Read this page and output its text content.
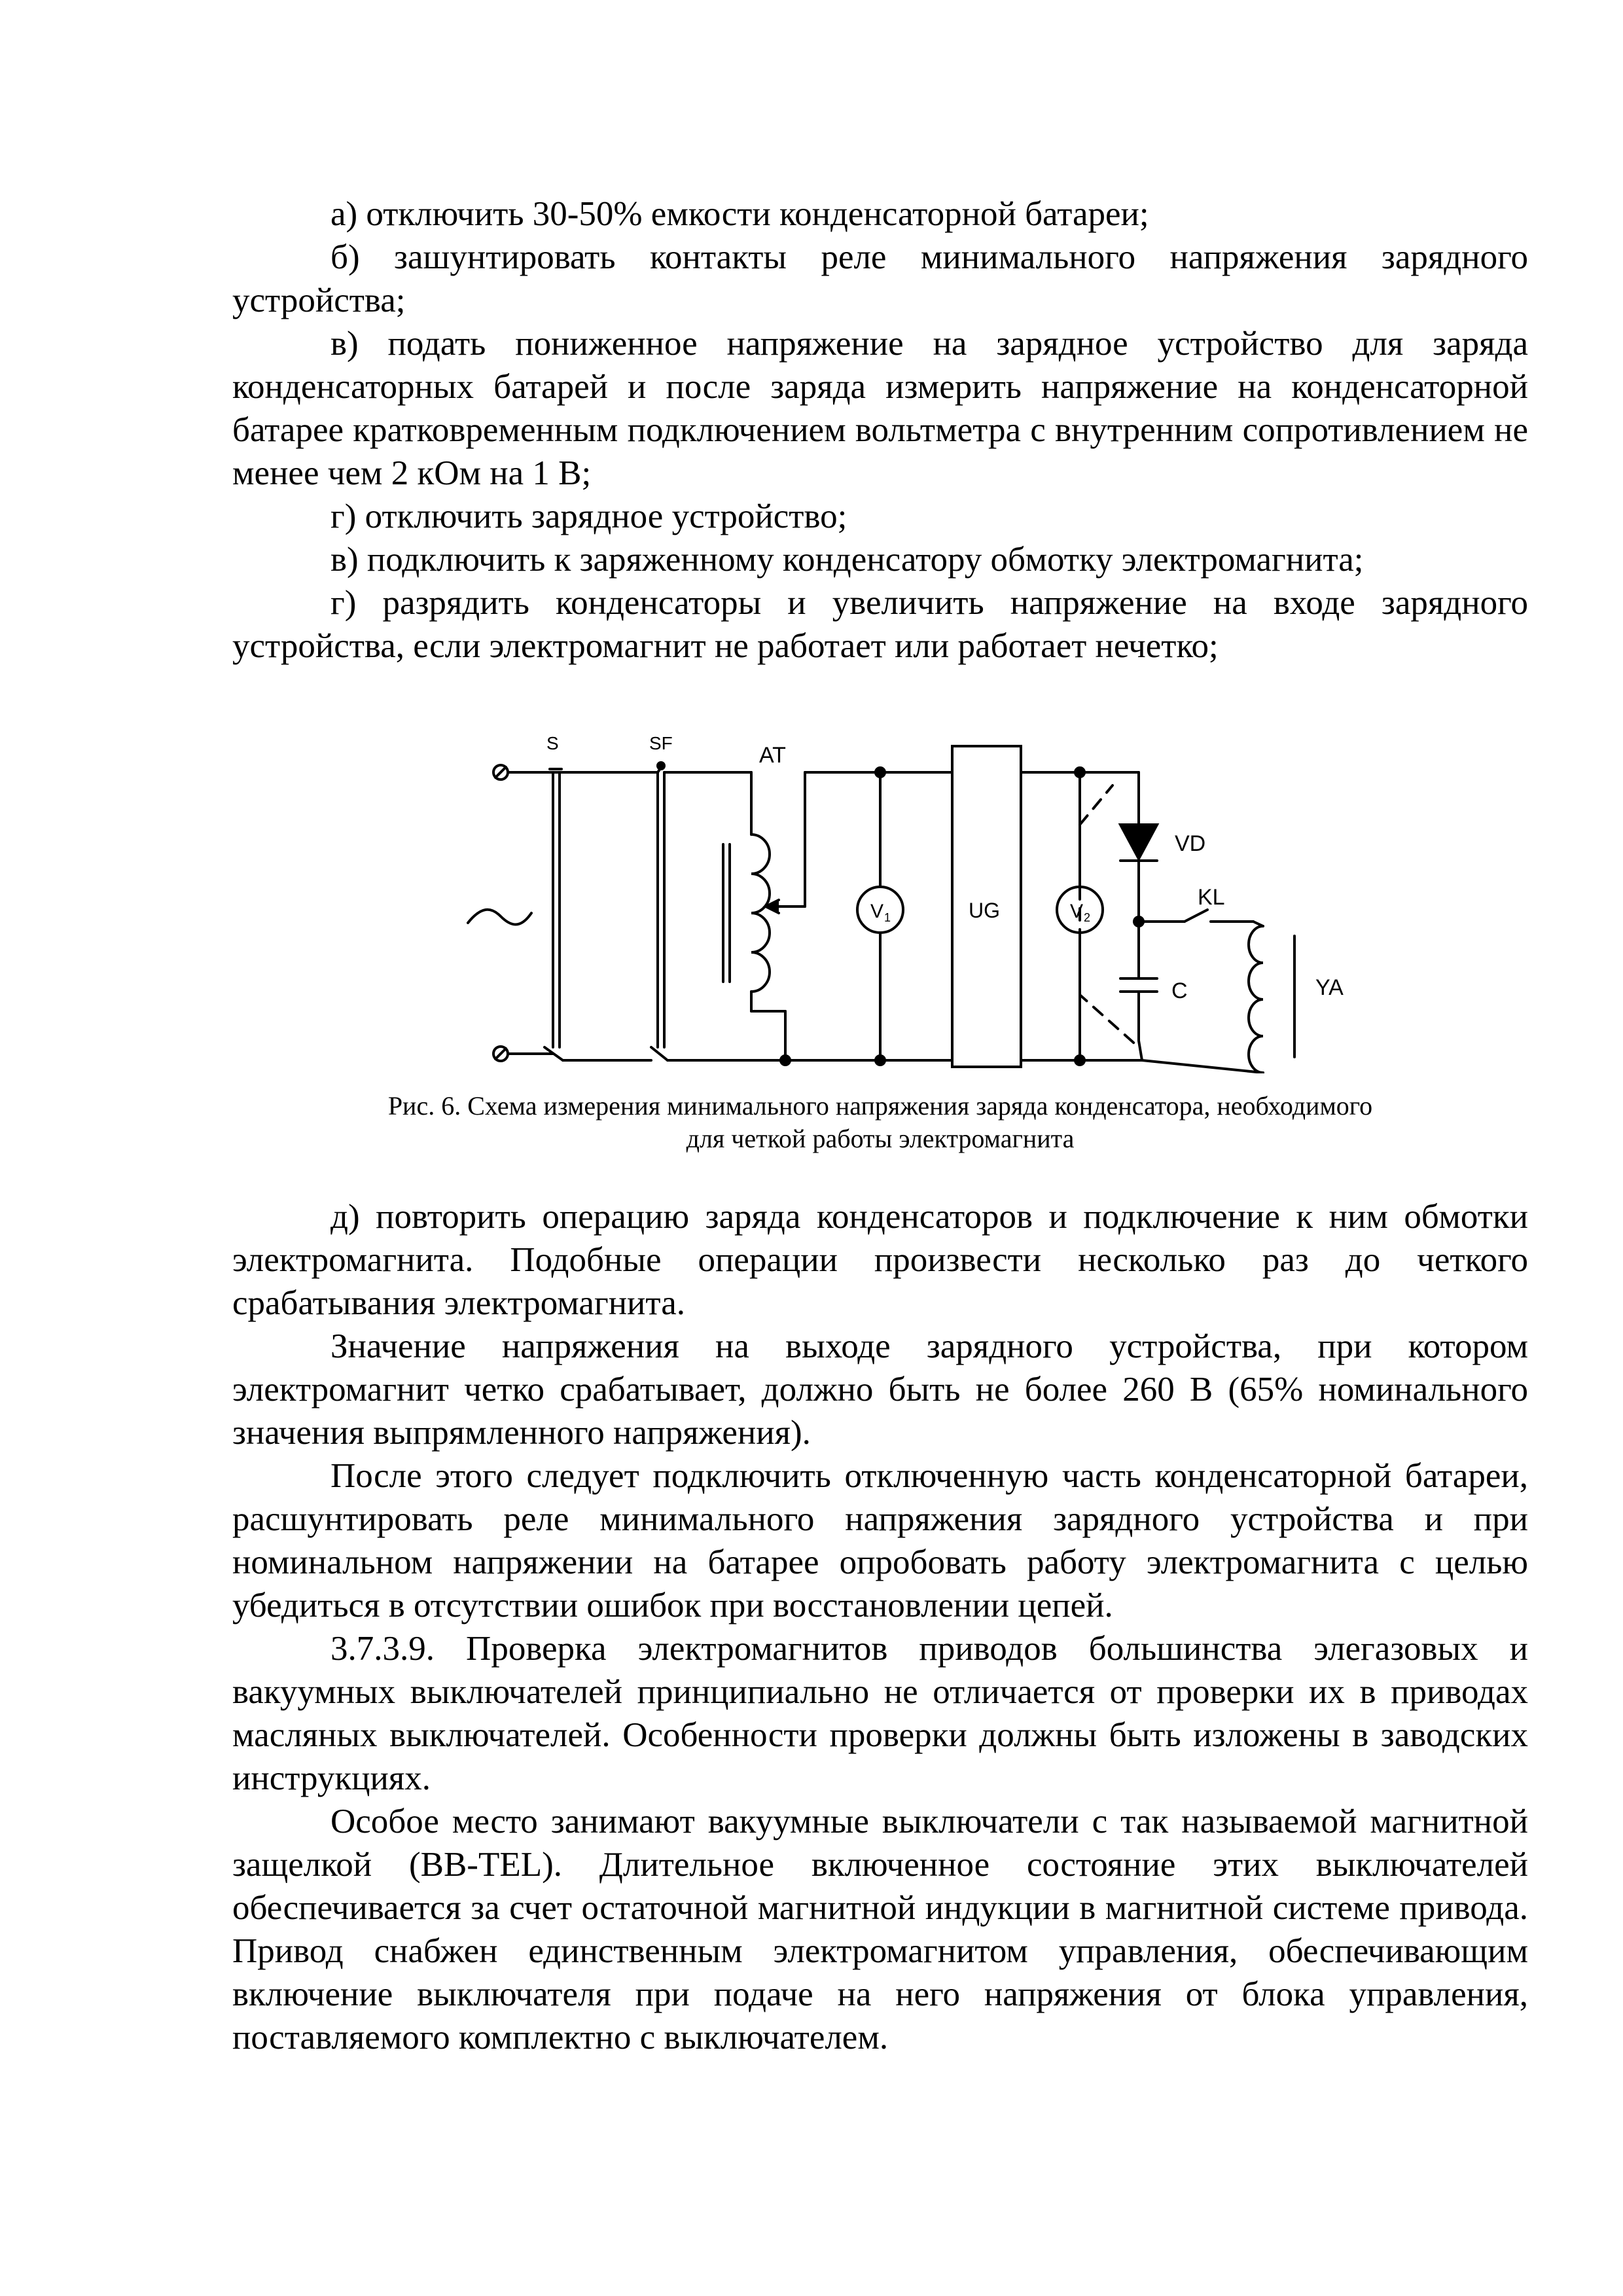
а) отключить 30-50% емкости конденсаторной батареи;

б) зашунтировать контакты реле минимального напряжения зарядного устройства;

в) подать пониженное напряжение на зарядное устройство для заряда конденсаторных батарей и после заряда измерить напряжение на конденсаторной батарее кратковременным подключением вольтметра с внутренним сопротивлением не менее чем 2 кОм на 1 В;

г) отключить зарядное устройство;

в) подключить к заряженному конденсатору обмотку электромагнита;

г) разрядить конденсаторы и увеличить напряжение на входе зарядного устройства, если электромагнит не работает или работает нечетко;

S	SF	AT
V 1	UG	V 2
VD
KL
C	YA

Рис. 6. Схема измерения минимального напряжения заряда конденсатора, необходимого

для четкой работы электромагнита

д) повторить операцию заряда конденсаторов и подключение к ним обмотки электромагнита. Подобные операции произвести несколько раз до четкого срабатывания электромагнита.

Значение напряжения на выходе зарядного устройства, при котором электромагнит четко срабатывает, должно быть не более 260 В (65% номинального значения выпрямленного напряжения).

После этого следует подключить отключенную часть конденсаторной батареи, расшунтировать реле минимального напряжения зарядного устройства и при номинальном напряжении на батарее опробовать работу электромагнита с целью убедиться в отсутствии ошибок при восстановлении цепей.

3.7.3.9. Проверка электромагнитов приводов большинства элегазовых и вакуумных выключателей принципиально не отличается от проверки их в приводах масляных выключателей. Особенности проверки должны быть изложены в заводских инструкциях.

Особое место занимают вакуумные выключатели с так называемой магнитной защелкой (ВВ-TEL). Длительное включенное состояние этих выключателей обеспечивается за счет остаточной магнитной индукции в магнитной системе привода. Привод снабжен единственным электромагнитом управления, обеспечивающим включение выключателя при подаче на него напряжения от блока управления, поставляемого комплектно с выключателем.
